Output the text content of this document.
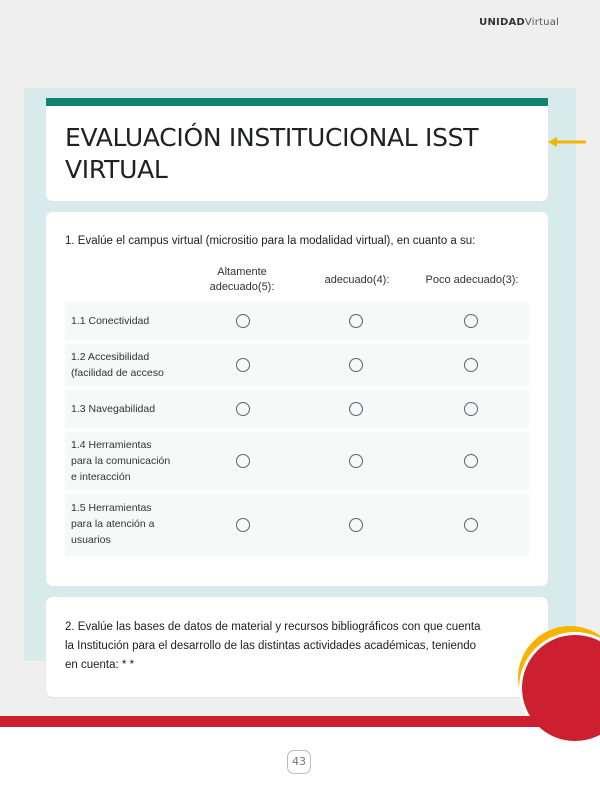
UNIDADVirtual
EVALUACIÓN INSTITUCIONAL ISST VIRTUAL
1. Evalúe el campus virtual (micrositio para la modalidad virtual), en cuanto a su:
Altamente
adecuado(5):
adecuado(4):	Poco adecuado(3):
1.1 Conectividad
1.2 Accesibilidad
(facilidad de acceso
1.3 Navegabilidad
1.4 Herramientas
para la comunicación
e interacción
1.5 Herramientas
para la atención a
usuarios
2. Evalúe las bases de datos de material y recursos bibliográficos con que cuenta
la Institución para el desarrollo de las distintas actividades académicas, teniendo
en cuenta: * *
43
